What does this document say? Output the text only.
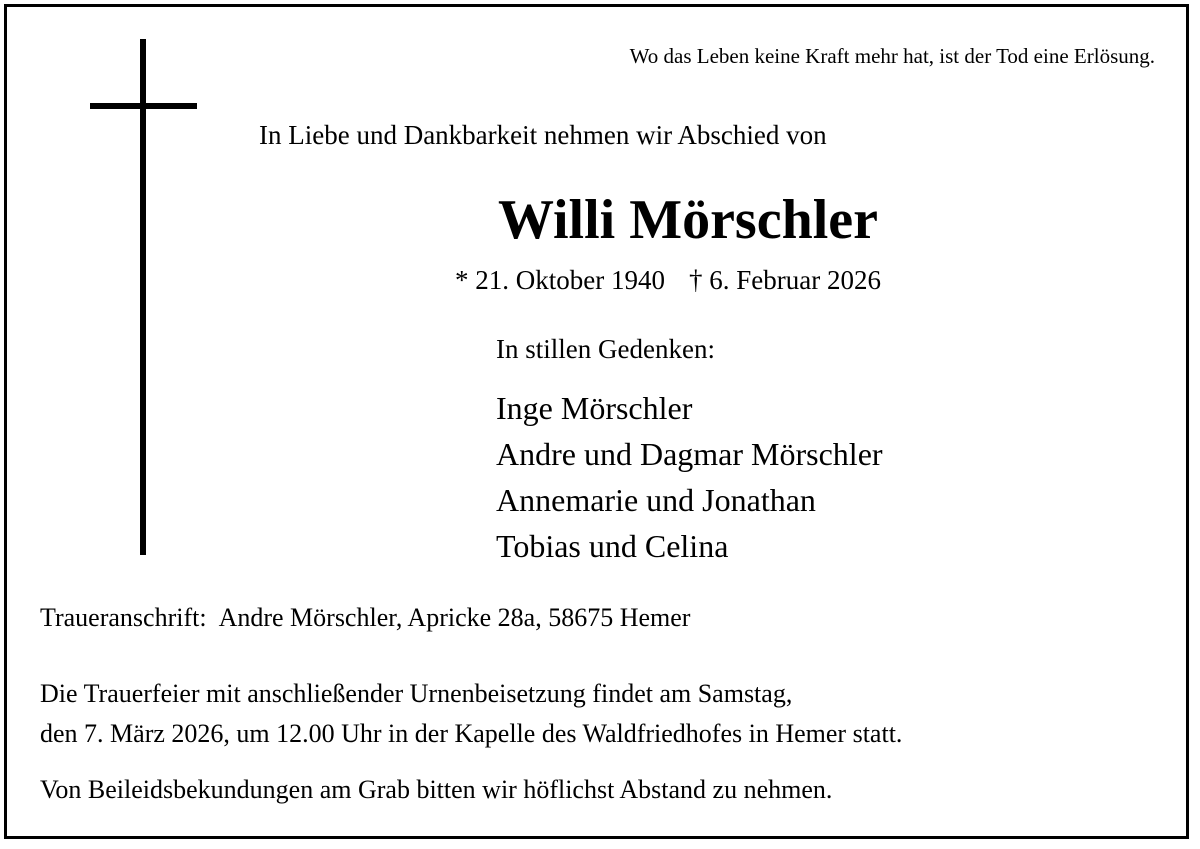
Wo das Leben keine Kraft mehr hat, ist der Tod eine Erlösung.
In Liebe und Dankbarkeit nehmen wir Abschied von
Willi Mörschler
* 21. Oktober 1940 † 6. Februar 2026
In stillen Gedenken:
Inge Mörschler
Andre und Dagmar Mörschler
Annemarie und Jonathan
Tobias und Celina
Traueranschrift: Andre Mörschler, Apricke 28a, 58675 Hemer
Die Trauerfeier mit anschließender Urnenbeisetzung findet am Samstag,
den 7. März 2026, um 12.00 Uhr in der Kapelle des Waldfriedhofes in Hemer statt.
Von Beileidsbekundungen am Grab bitten wir höflichst Abstand zu nehmen.
